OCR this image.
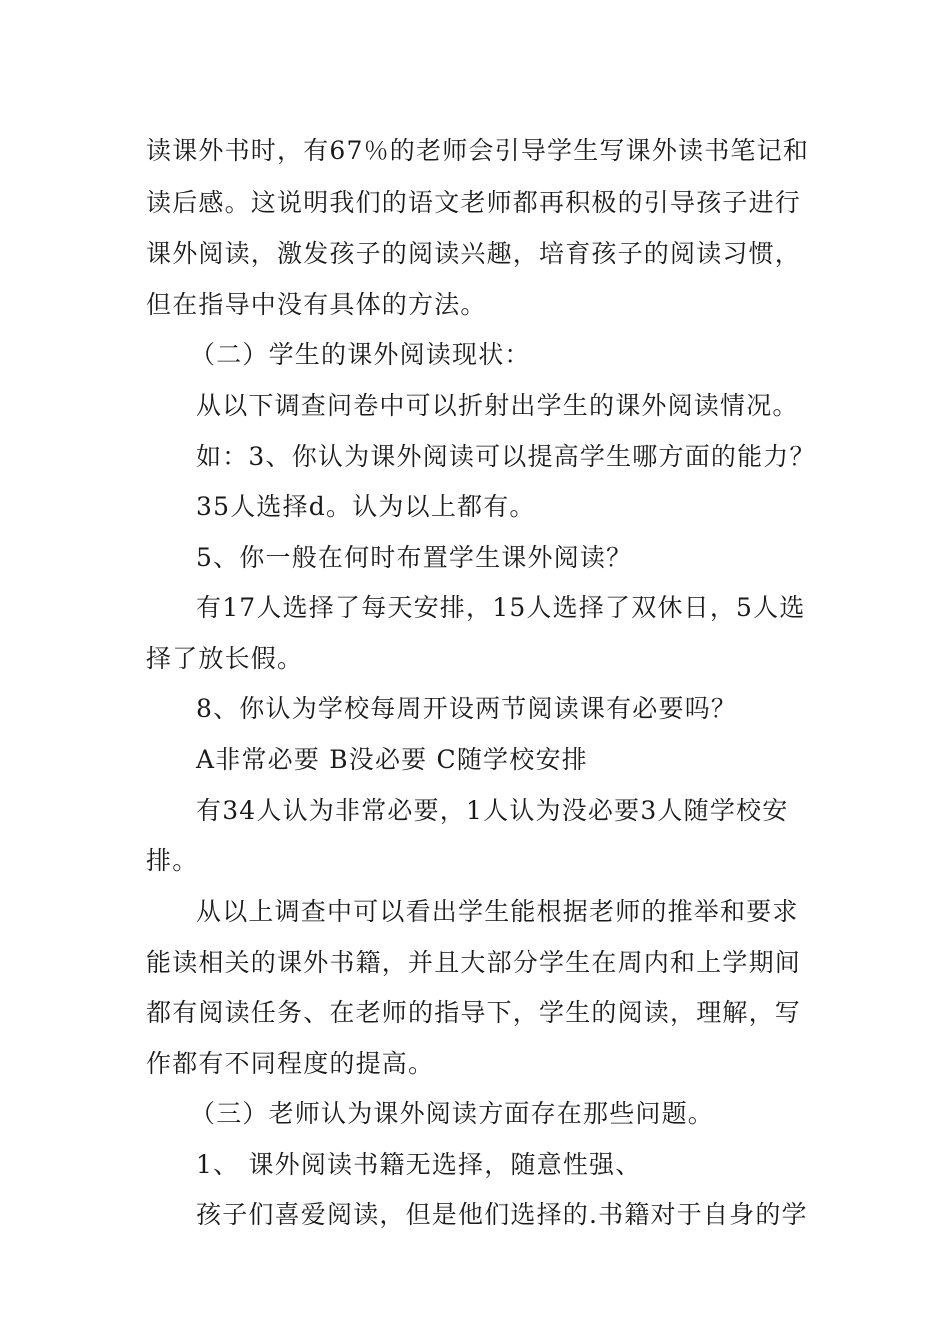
读课外书时，有67％的老师会引导学生写课外读书笔记和
读后感。这说明我们的语文老师都再积极的引导孩子进行
课外阅读，激发孩子的阅读兴趣，培育孩子的阅读习惯，
但在指导中没有具体的方法。
（二）学生的课外阅读现状：
从以下调查问卷中可以折射出学生的课外阅读情况。
如：3、你认为课外阅读可以提高学生哪方面的能力？
35人选择d。认为以上都有。
5、你一般在何时布置学生课外阅读？
有17人选择了每天安排，15人选择了双休日，5人选
择了放长假。
8、你认为学校每周开设两节阅读课有必要吗？
A非常必要 B没必要 C随学校安排
有34人认为非常必要，1人认为没必要3人随学校安
排。
从以上调查中可以看出学生能根据老师的推举和要求
能读相关的课外书籍，并且大部分学生在周内和上学期间
都有阅读任务、在老师的指导下，学生的阅读，理解，写
作都有不同程度的提高。
（三）老师认为课外阅读方面存在那些问题。
1、 课外阅读书籍无选择，随意性强、
孩子们喜爱阅读，但是他们选择的.书籍对于自身的学
